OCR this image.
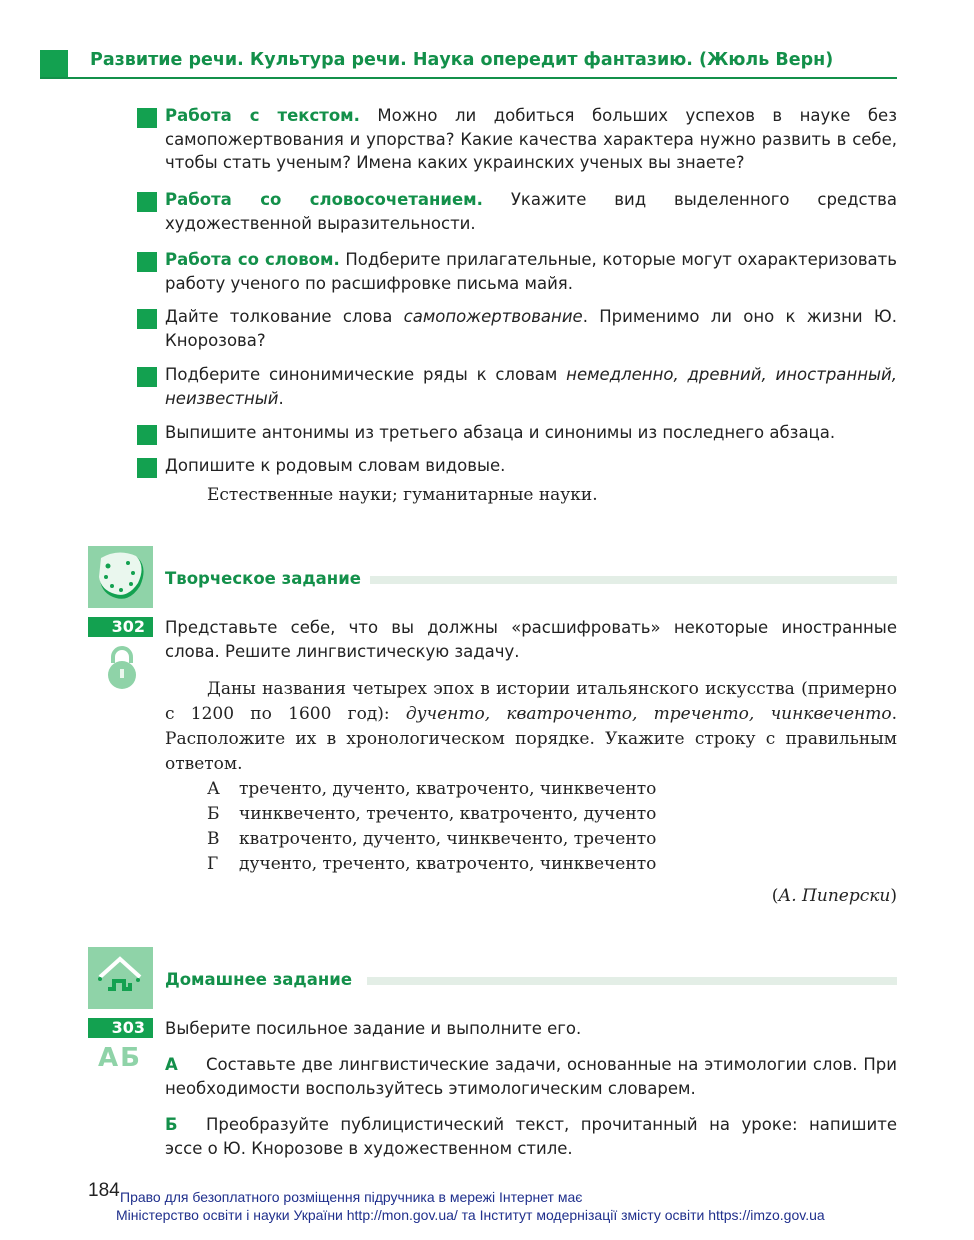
Развитие речи. Культура речи. Наука опередит фантазию. (Жюль Верн)
Работа с текстом. Можно ли добиться больших успехов в науке без самопожертвования и упорства? Какие качества характера нужно развить в себе, чтобы стать ученым? Имена каких украинских ученых вы знаете?
Работа со словосочетанием. Укажите вид выделенного средства художественной выразительности.
Работа со словом. Подберите прилагательные, которые могут охарактеризовать работу ученого по расшифровке письма майя.
Дайте толкование слова самопожертвование. Применимо ли оно к жизни Ю. Кнорозова?
Подберите синонимические ряды к словам немедленно, древний, иностранный, неизвестный.
Выпишите антонимы из третьего абзаца и синонимы из последнего абзаца.
Допишите к родовым словам видовые.
Естественные науки; гуманитарные науки.
Творческое задание
302	Представьте себе, что вы должны «расшифровать» некоторые иностранные слова. Решите лингвистическую задачу.
Даны названия четырех эпох в истории итальянского искусства (примерно с 1200 по 1600 год): дученто, кватроченто, треченто, чинквеченто. Расположите их в хронологическом порядке. Укажите строку с правильным ответом.
А	треченто, дученто, кватроченто, чинквеченто
Б	чинквеченто, треченто, кватроченто, дученто
В	кватроченто, дученто, чинквеченто, треченто
Г	дученто, треченто, кватроченто, чинквеченто
(А. Пиперски)
Домашнее задание
303
АБ
Выберите посильное задание и выполните его.
А Составьте две лингвистические задачи, основанные на этимологии слов. При необходимости воспользуйтесь этимологическим словарем.
Б Преобразуйте публицистический текст, прочитанный на уроке: напишите эссе о Ю. Кнорозове в художественном стиле.
184 Право для безоплатного розміщення підручника в мережі Інтернет має
Міністерство освіти і науки України http://mon.gov.ua/ та Інститут модернізації змісту освіти https://imzo.gov.ua
